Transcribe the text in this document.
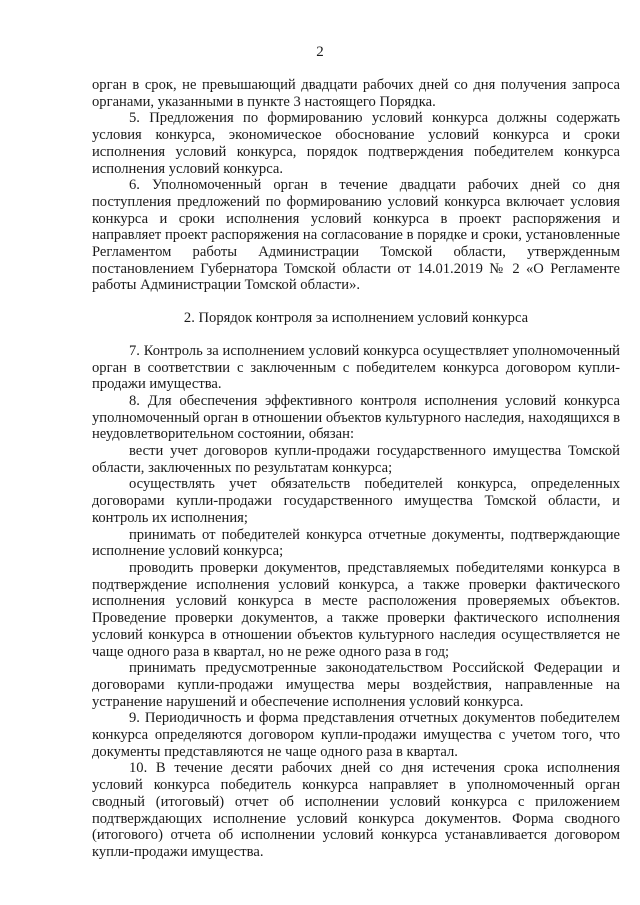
2

орган в срок, не превышающий двадцати рабочих дней со дня получения запроса органами, указанными в пункте 3 настоящего Порядка.

5. Предложения по формированию условий конкурса должны содержать условия конкурса, экономическое обоснование условий конкурса и сроки исполнения условий конкурса, порядок подтверждения победителем конкурса исполнения условий конкурса.

6. Уполномоченный орган в течение двадцати рабочих дней со дня поступления предложений по формированию условий конкурса включает условия конкурса и сроки исполнения условий конкурса в проект распоряжения и направляет проект распоряжения на согласование в порядке и сроки, установленные Регламентом работы Администрации Томской области, утвержденным постановлением Губернатора Томской области от 14.01.2019 № 2 «О Регламенте работы Администрации Томской области».

2. Порядок контроля за исполнением условий конкурса

7. Контроль за исполнением условий конкурса осуществляет уполномоченный орган в соответствии с заключенным с победителем конкурса договором купли-продажи имущества.

8. Для обеспечения эффективного контроля исполнения условий конкурса уполномоченный орган в отношении объектов культурного наследия, находящихся в неудовлетворительном состоянии, обязан:

вести учет договоров купли-продажи государственного имущества Томской области, заключенных по результатам конкурса;

осуществлять учет обязательств победителей конкурса, определенных договорами купли-продажи государственного имущества Томской области, и контроль их исполнения;

принимать от победителей конкурса отчетные документы, подтверждающие исполнение условий конкурса;

проводить проверки документов, представляемых победителями конкурса в подтверждение исполнения условий конкурса, а также проверки фактического исполнения условий конкурса в месте расположения проверяемых объектов. Проведение проверки документов, а также проверки фактического исполнения условий конкурса в отношении объектов культурного наследия осуществляется не чаще одного раза в квартал, но не реже одного раза в год;

принимать предусмотренные законодательством Российской Федерации и договорами купли-продажи имущества меры воздействия, направленные на устранение нарушений и обеспечение исполнения условий конкурса.

9. Периодичность и форма представления отчетных документов победителем конкурса определяются договором купли-продажи имущества с учетом того, что документы представляются не чаще одного раза в квартал.

10. В течение десяти рабочих дней со дня истечения срока исполнения условий конкурса победитель конкурса направляет в уполномоченный орган сводный (итоговый) отчет об исполнении условий конкурса с приложением подтверждающих исполнение условий конкурса документов. Форма сводного (итогового) отчета об исполнении условий конкурса устанавливается договором купли-продажи имущества.
